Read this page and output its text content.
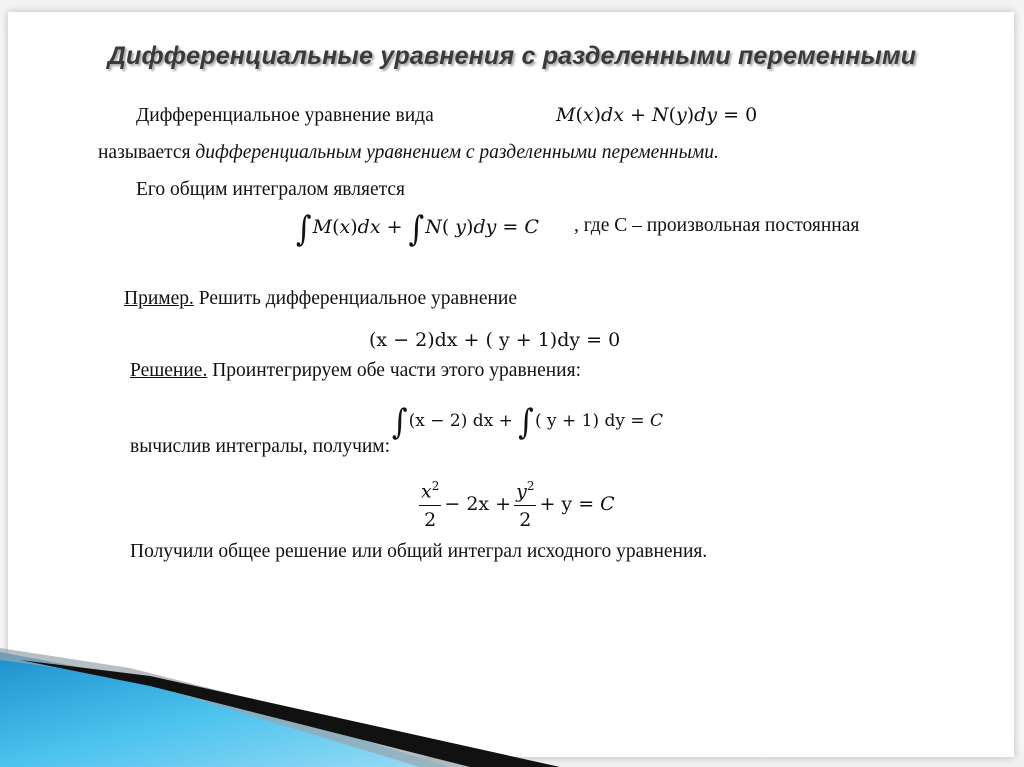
Дифференциальные уравнения с разделенными переменными
Дифференциальное уравнение вида	M(x)dx + N(y)dy = 0
называется дифференциальным уравнением с разделенными переменными.
Его общим интегралом является
∫M(x)dx + ∫N( y)dy = C , где С – произвольная постоянная
Пример. Решить дифференциальное уравнение
(x − 2)dx + ( y + 1)dy = 0
Решение. Проинтегрируем обе части этого уравнения:
∫(x − 2) dx + ∫( y + 1) dy = C
вычислив интегралы, получим:
$\frac{x^2}{2} - 2x + \frac{y^2}{2} + y = C$
Получили общее решение или общий интеграл исходного уравнения.
